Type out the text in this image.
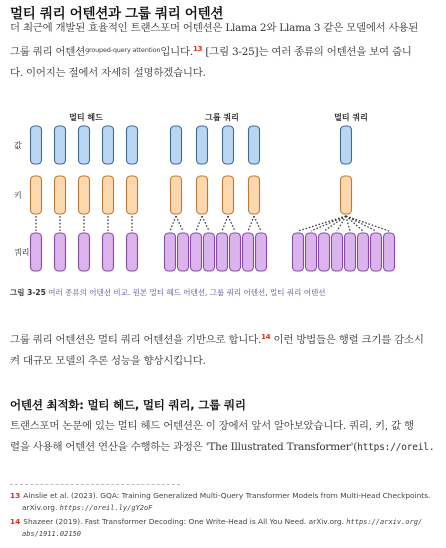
멀티 쿼리 어텐션과 그룹 쿼리 어텐션
더 최근에 개발된 효율적인 트랜스포머 어텐션은 Llama 2와 Llama 3 같은 모델에서 사용된
그룹 쿼리 어텐션$^{grouped-query attention}$입니다.$^{13}$ [그림 3-25]는 여러 종류의 어텐션을 보여 줍니
다. 이어지는 절에서 자세히 설명하겠습니다.
멀티 헤드	그룹 쿼리	멀티 쿼리
값
키
쿼리
그림 3-25 여러 종류의 어텐션 비교. 원본 멀티 헤드 어텐션, 그룹 쿼리 어텐션, 멀티 쿼리 어텐션
그룹 쿼리 어텐션은 멀티 쿼리 어텐션을 기반으로 합니다.$^{14}$ 이런 방법들은 행렬 크기를 감소시
켜 대규모 모델의 추론 성능을 향상시킵니다.
어텐션 최적화: 멀티 헤드, 멀티 쿼리, 그룹 쿼리
트랜스포머 논문에 있는 멀티 헤드 어텐션은 이 장에서 앞서 알아보았습니다. 쿼리, 키, 값 행
렬을 사용해 어텐션 연산을 수행하는 과정은 'The Illustrated Transformer'(https://oreil.
13 Ainslie et al. (2023). GQA: Training Generalized Multi-Query Transformer Models from Multi-Head Checkpoints.
arXiv.org. https://oreil.ly/gY2oF
14 Shazeer (2019). Fast Transformer Decoding: One Write-Head is All You Need. arXiv.org. https://arxiv.org/
abs/1911.02150
